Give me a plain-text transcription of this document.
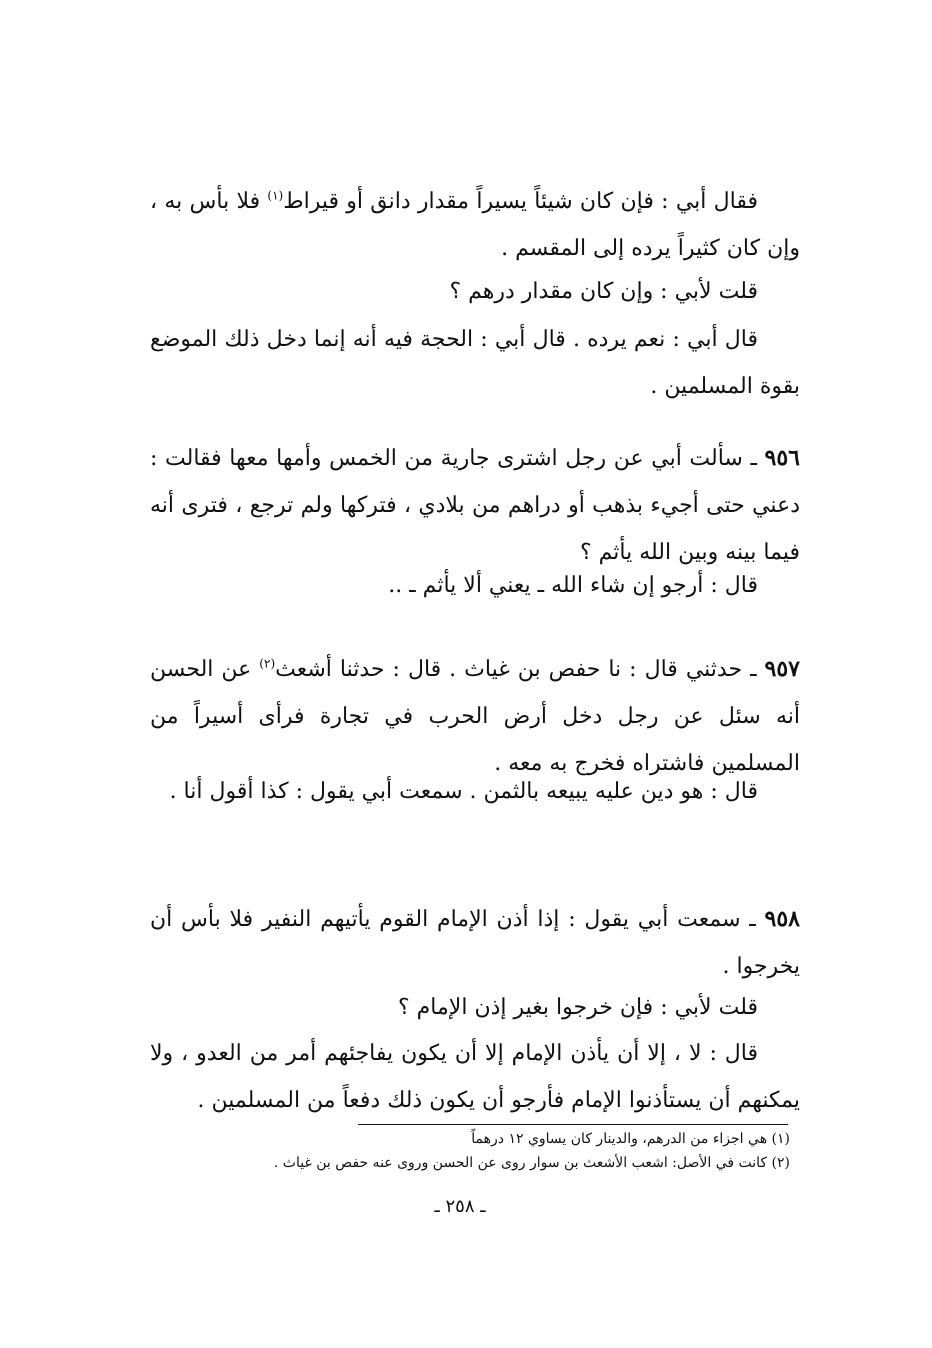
فقال أبي : فإن كان شيئاً يسيراً مقدار دانق أو قيراط$^{(١)}$ فلا بأس به ، وإن كان كثيراً يرده إلى المقسم .

قلت لأبي : وإن كان مقدار درهم ؟

قال أبي : نعم يرده . قال أبي : الحجة فيه أنه إنما دخل ذلك الموضع بقوة المسلمين .

٩٥٦ ـ سألت أبي عن رجل اشترى جارية من الخمس وأمها معها فقالت : دعني حتى أجيء بذهب أو دراهم من بلادي ، فتركها ولم ترجع ، فترى أنه فيما بينه وبين الله يأثم ؟

قال : أرجو إن شاء الله ـ يعني ألا يأثم ـ ..

٩٥٧ ـ حدثني قال : نا حفص بن غياث . قال : حدثنا أشعث$^{(٢)}$ عن الحسن أنه سئل عن رجل دخل أرض الحرب في تجارة فرأى أسيراً من المسلمين فاشتراه فخرج به معه .

قال : هو دين عليه يبيعه بالثمن . سمعت أبي يقول : كذا أقول أنا .

٩٥٨ ـ سمعت أبي يقول : إذا أذن الإمام القوم يأتيهم النفير فلا بأس أن يخرجوا .

قلت لأبي : فإن خرجوا بغير إذن الإمام ؟

قال : لا ، إلا أن يأذن الإمام إلا أن يكون يفاجئهم أمر من العدو ، ولا يمكنهم أن يستأذنوا الإمام فأرجو أن يكون ذلك دفعاً من المسلمين .

(١) هي اجزاء من الدرهم، والدينار كان يساوي ١٢ درهماً

(٢) كانت في الأصل: اشعب الأشعث بن سوار روى عن الحسن وروى عنه حفص بن غياث .

ـ ٢٥٨ ـ
